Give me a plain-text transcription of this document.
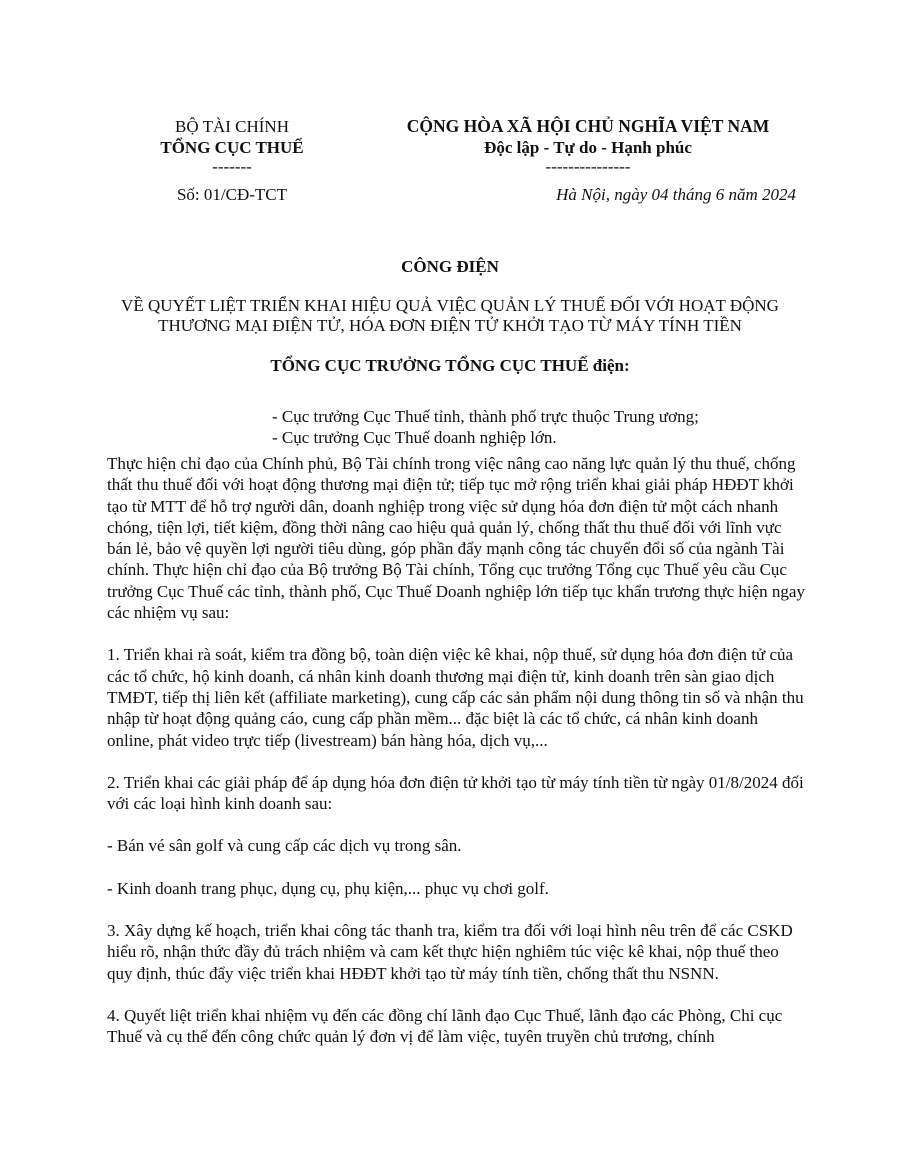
BỘ TÀI CHÍNH
TỔNG CỤC THUẾ
-------
CỘNG HÒA XÃ HỘI CHỦ NGHĨA VIỆT NAM
Độc lập - Tự do - Hạnh phúc
---------------
Số: 01/CĐ-TCT	Hà Nội, ngày 04 tháng 6 năm 2024
CÔNG ĐIỆN
VỀ QUYẾT LIỆT TRIỂN KHAI HIỆU QUẢ VIỆC QUẢN LÝ THUẾ ĐỐI VỚI HOẠT ĐỘNG
THƯƠNG MẠI ĐIỆN TỬ, HÓA ĐƠN ĐIỆN TỬ KHỞI TẠO TỪ MÁY TÍNH TIỀN
TỔNG CỤC TRƯỞNG TỔNG CỤC THUẾ điện:
- Cục trưởng Cục Thuế tỉnh, thành phố trực thuộc Trung ương;
- Cục trưởng Cục Thuế doanh nghiệp lớn.

Thực hiện chỉ đạo của Chính phủ, Bộ Tài chính trong việc nâng cao năng lực quản lý thu thuế, chống thất thu thuế đối với hoạt động thương mại điện tử; tiếp tục mở rộng triển khai giải pháp HĐĐT khởi tạo từ MTT để hỗ trợ người dân, doanh nghiệp trong việc sử dụng hóa đơn điện tử một cách nhanh chóng, tiện lợi, tiết kiệm, đồng thời nâng cao hiệu quả quản lý, chống thất thu thuế đối với lĩnh vực bán lẻ, bảo vệ quyền lợi người tiêu dùng, góp phần đẩy mạnh công tác chuyển đổi số của ngành Tài chính. Thực hiện chỉ đạo của Bộ trưởng Bộ Tài chính, Tổng cục trưởng Tổng cục Thuế yêu cầu Cục trưởng Cục Thuế các tỉnh, thành phố, Cục Thuế Doanh nghiệp lớn tiếp tục khẩn trương thực hiện ngay các nhiệm vụ sau:

1. Triển khai rà soát, kiểm tra đồng bộ, toàn diện việc kê khai, nộp thuế, sử dụng hóa đơn điện tử của các tổ chức, hộ kinh doanh, cá nhân kinh doanh thương mại điện tử, kinh doanh trên sàn giao dịch TMĐT, tiếp thị liên kết (affiliate marketing), cung cấp các sản phẩm nội dung thông tin số và nhận thu nhập từ hoạt động quảng cáo, cung cấp phần mềm... đặc biệt là các tổ chức, cá nhân kinh doanh online, phát video trực tiếp (livestream) bán hàng hóa, dịch vụ,...

2. Triển khai các giải pháp để áp dụng hóa đơn điện tử khởi tạo từ máy tính tiền từ ngày 01/8/2024 đối với các loại hình kinh doanh sau:

- Bán vé sân golf và cung cấp các dịch vụ trong sân.

- Kinh doanh trang phục, dụng cụ, phụ kiện,... phục vụ chơi golf.

3. Xây dựng kế hoạch, triển khai công tác thanh tra, kiểm tra đối với loại hình nêu trên để các CSKD hiểu rõ, nhận thức đầy đủ trách nhiệm và cam kết thực hiện nghiêm túc việc kê khai, nộp thuế theo quy định, thúc đẩy việc triển khai HĐĐT khởi tạo từ máy tính tiền, chống thất thu NSNN.

4. Quyết liệt triển khai nhiệm vụ đến các đồng chí lãnh đạo Cục Thuế, lãnh đạo các Phòng, Chi cục Thuế và cụ thể đến công chức quản lý đơn vị để làm việc, tuyên truyền chủ trương, chính
